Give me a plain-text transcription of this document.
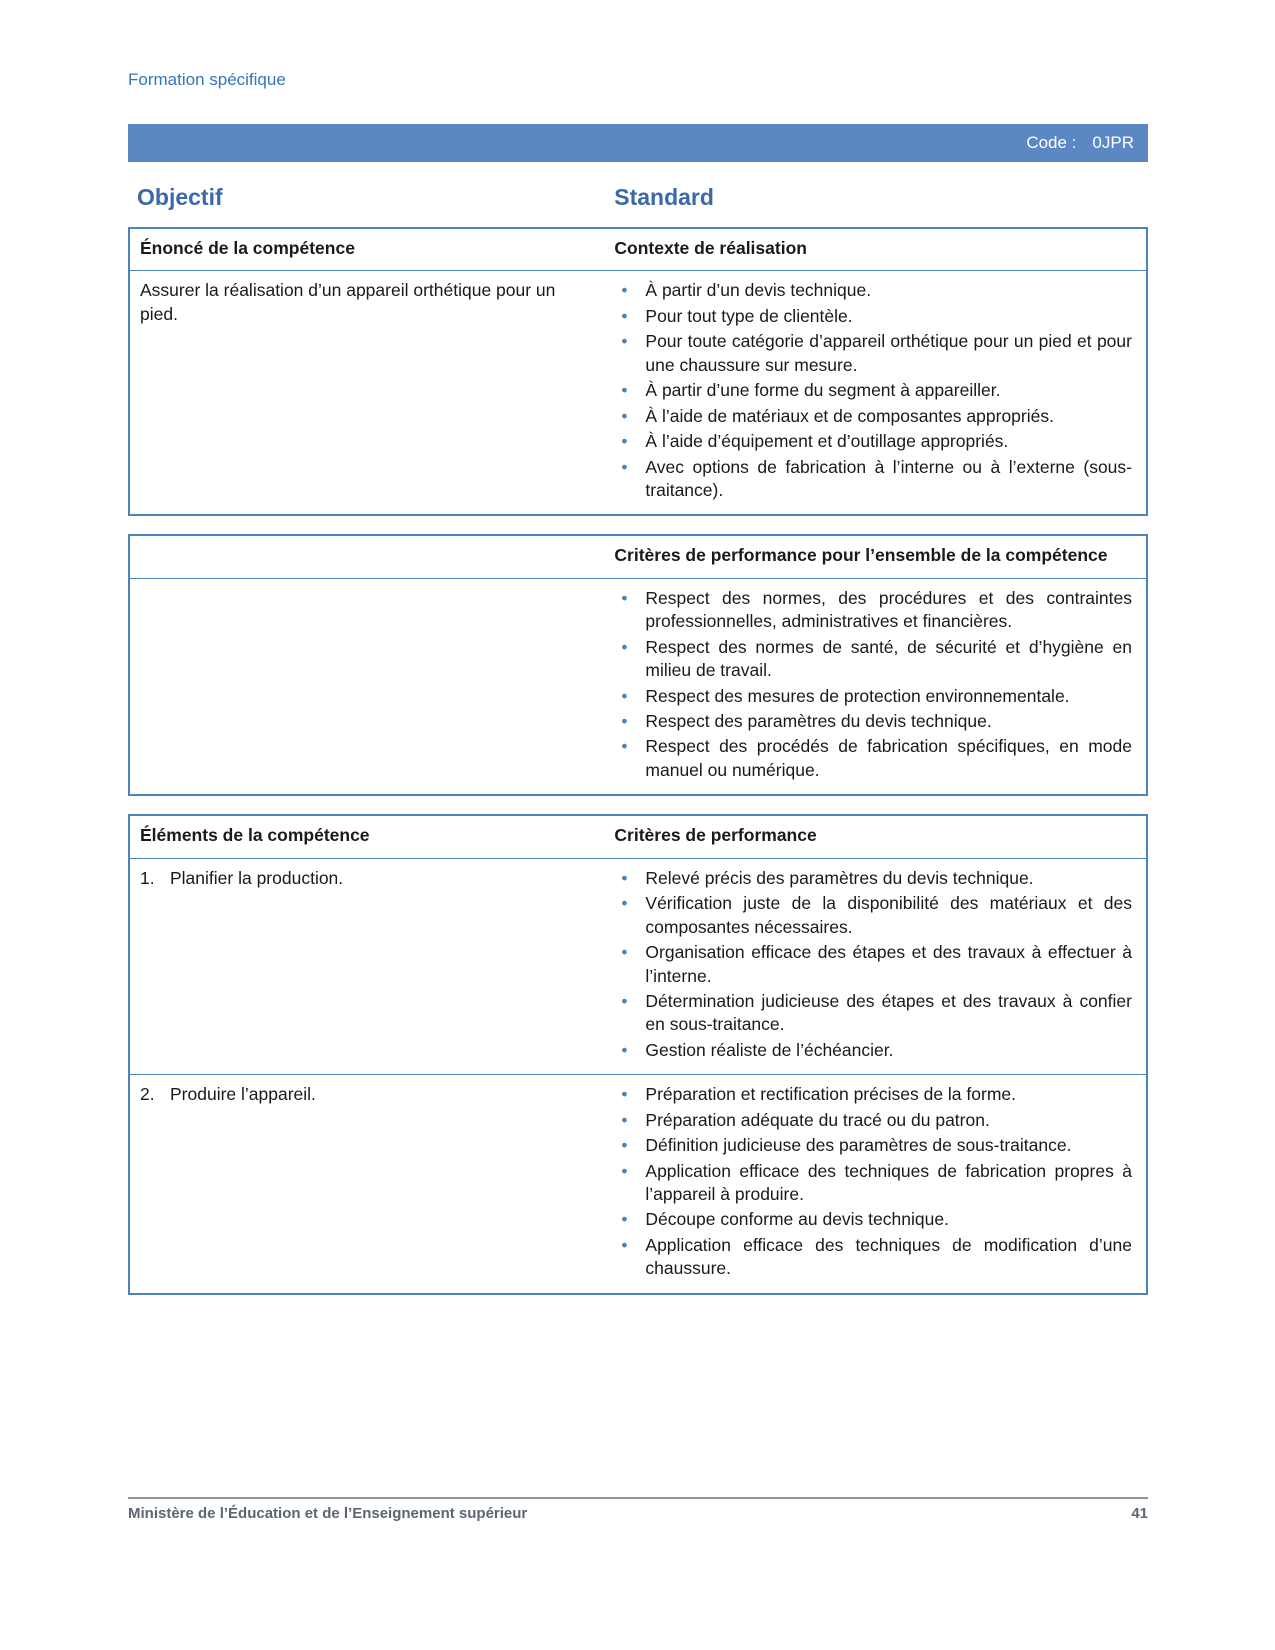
Formation spécifique
Code : 0JPR
Objectif	Standard
Énoncé de la compétence	Contexte de réalisation
Assurer la réalisation d’un appareil orthétique pour un pied.
• À partir d’un devis technique.
• Pour tout type de clientèle.
• Pour toute catégorie d’appareil orthétique pour un pied et pour une chaussure sur mesure.
• À partir d’une forme du segment à appareiller.
• À l’aide de matériaux et de composantes appropriés.
• À l’aide d’équipement et d’outillage appropriés.
• Avec options de fabrication à l’interne ou à l’externe (sous-traitance).
Critères de performance pour l’ensemble de la compétence
• Respect des normes, des procédures et des contraintes professionnelles, administratives et financières.
• Respect des normes de santé, de sécurité et d’hygiène en milieu de travail.
• Respect des mesures de protection environnementale.
• Respect des paramètres du devis technique.
• Respect des procédés de fabrication spécifiques, en mode manuel ou numérique.
Éléments de la compétence	Critères de performance
1. Planifier la production.	• Relevé précis des paramètres du devis technique.
• Vérification juste de la disponibilité des matériaux et des composantes nécessaires.
• Organisation efficace des étapes et des travaux à effectuer à l’interne.
• Détermination judicieuse des étapes et des travaux à confier en sous-traitance.
• Gestion réaliste de l’échéancier.
2. Produire l’appareil.	• Préparation et rectification précises de la forme.
• Préparation adéquate du tracé ou du patron.
• Définition judicieuse des paramètres de sous-traitance.
• Application efficace des techniques de fabrication propres à l’appareil à produire.
• Découpe conforme au devis technique.
• Application efficace des techniques de modification d’une chaussure.
Ministère de l’Éducation et de l’Enseignement supérieur	41
